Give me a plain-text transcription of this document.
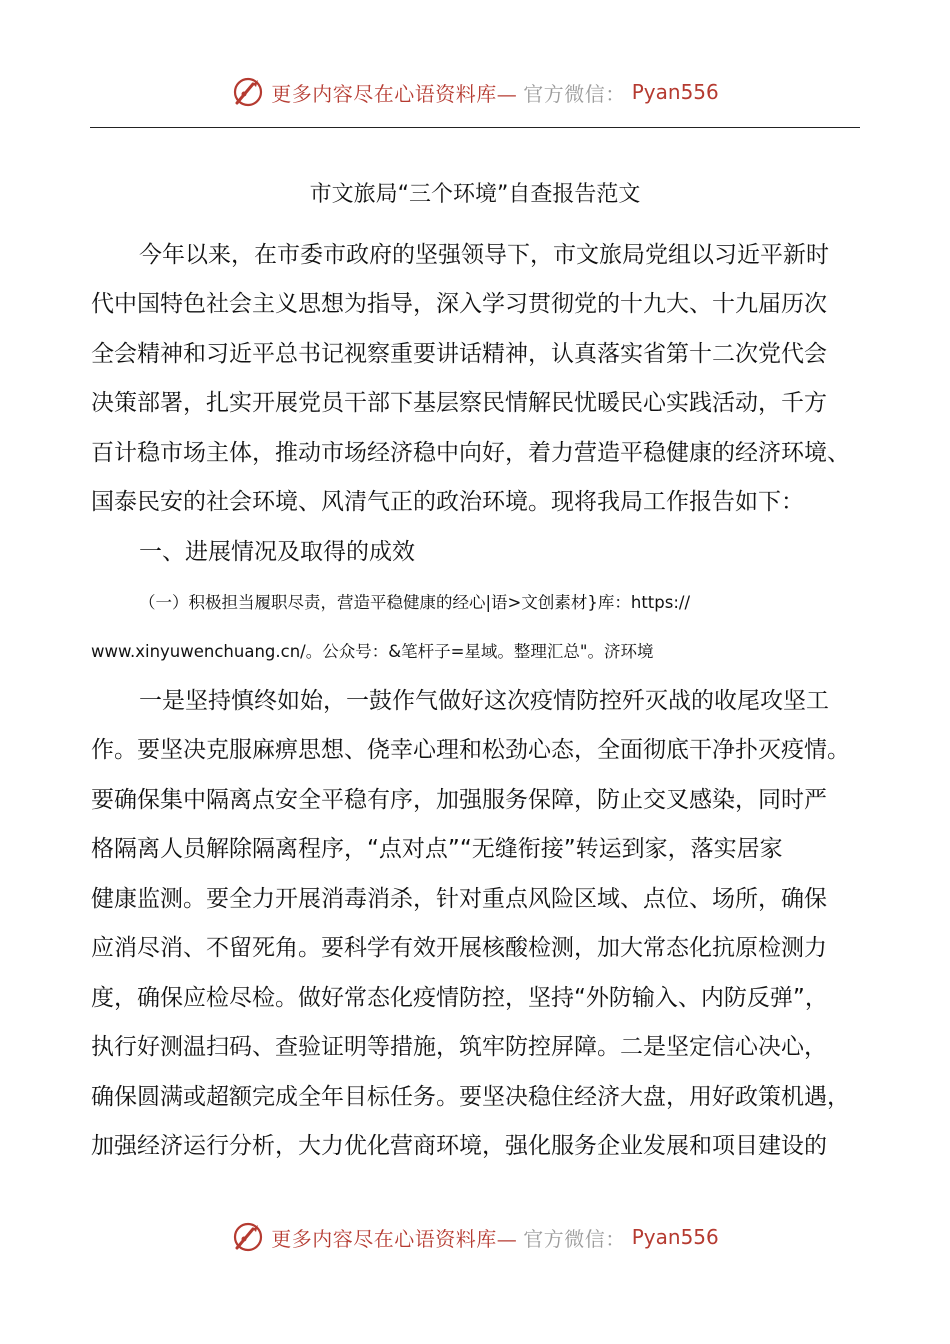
更多内容尽在心语资料库— 官方微信： Pyan556
市文旅局“三个环境”自查报告范文
今年以来，在市委市政府的坚强领导下，市文旅局党组以习近平新时
代中国特色社会主义思想为指导，深入学习贯彻党的十九大、十九届历次
全会精神和习近平总书记视察重要讲话精神，认真落实省第十二次党代会
决策部署，扎实开展党员干部下基层察民情解民忧暖民心实践活动，千方
百计稳市场主体，推动市场经济稳中向好，着力营造平稳健康的经济环境、
国泰民安的社会环境、风清气正的政治环境。现将我局工作报告如下：
一、进展情况及取得的成效
（一）积极担当履职尽责，营造平稳健康的经心|语>文创素材}库：https://
www.xinyuwenchuang.cn/。公众号：&笔杆子=星域。整理汇总"。济环境
一是坚持慎终如始，一鼓作气做好这次疫情防控歼灭战的收尾攻坚工
作。要坚决克服麻痹思想、侥幸心理和松劲心态，全面彻底干净扑灭疫情。
要确保集中隔离点安全平稳有序，加强服务保障，防止交叉感染，同时严
格隔离人员解除隔离程序，“点对点”“无缝衔接”转运到家，落实居家
健康监测。要全力开展消毒消杀，针对重点风险区域、点位、场所，确保
应消尽消、不留死角。要科学有效开展核酸检测，加大常态化抗原检测力
度，确保应检尽检。做好常态化疫情防控，坚持“外防输入、内防反弹”，
执行好测温扫码、查验证明等措施，筑牢防控屏障。二是坚定信心决心，
确保圆满或超额完成全年目标任务。要坚决稳住经济大盘，用好政策机遇，
加强经济运行分析，大力优化营商环境，强化服务企业发展和项目建设的
更多内容尽在心语资料库— 官方微信： Pyan556
